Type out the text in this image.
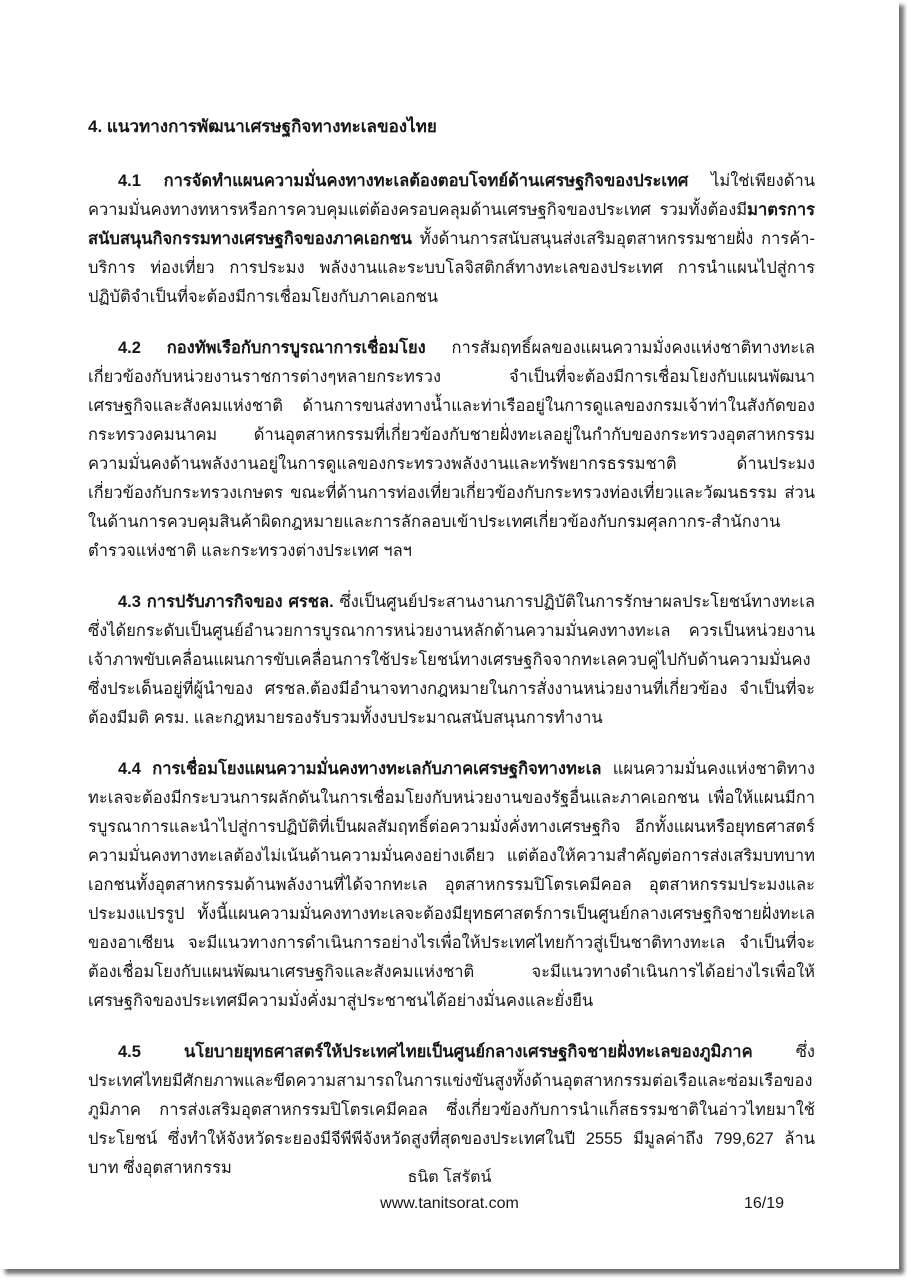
4. แนวทางการพัฒนาเศรษฐกิจทางทะเลของไทย

4.1 การจัดทำแผนความมั่นคงทางทะเลต้องตอบโจทย์ด้านเศรษฐกิจของประเทศ ไม่ใช่เพียงด้านความมั่นคงทางทหารหรือการควบคุมแต่ต้องครอบคลุมด้านเศรษฐกิจของประเทศ รวมทั้งต้องมีมาตรการสนับสนุนกิจกรรมทางเศรษฐกิจของภาคเอกชน ทั้งด้านการสนับสนุนส่งเสริมอุตสาหกรรมชายฝั่ง การค้า-บริการ ท่องเที่ยว การประมง พลังงานและระบบโลจิสติกส์ทางทะเลของประเทศ การนำแผนไปสู่การปฏิบัติจำเป็นที่จะต้องมีการเชื่อมโยงกับภาคเอกชน

4.2 กองทัพเรือกับการบูรณาการเชื่อมโยง การสัมฤทธิ์ผลของแผนความมั่งคงแห่งชาติทางทะเลเกี่ยวข้องกับหน่วยงานราชการต่างๆหลายกระทรวง จำเป็นที่จะต้องมีการเชื่อมโยงกับแผนพัฒนาเศรษฐกิจและสังคมแห่งชาติ ด้านการขนส่งทางน้ำและท่าเรืออยู่ในการดูแลของกรมเจ้าท่าในสังกัดของกระทรวงคมนาคม ด้านอุตสาหกรรมที่เกี่ยวข้องกับชายฝั่งทะเลอยู่ในกำกับของกระทรวงอุตสาหกรรม ความมั่นคงด้านพลังงานอยู่ในการดูแลของกระทรวงพลังงานและทรัพยากรธรรมชาติ ด้านประมงเกี่ยวข้องกับกระทรวงเกษตร ขณะที่ด้านการท่องเที่ยวเกี่ยวข้องกับกระทรวงท่องเที่ยวและวัฒนธรรม ส่วนในด้านการควบคุมสินค้าผิดกฎหมายและการลักลอบเข้าประเทศเกี่ยวข้องกับกรมศุลกากร-สำนักงานตำรวจแห่งชาติ และกระทรวงต่างประเทศ ฯลฯ

4.3 การปรับภารกิจของ ศรชล. ซึ่งเป็นศูนย์ประสานงานการปฏิบัติในการรักษาผลประโยชน์ทางทะเล ซึ่งได้ยกระดับเป็นศูนย์อำนวยการบูรณาการหน่วยงานหลักด้านความมั่นคงทางทะเล ควรเป็นหน่วยงานเจ้าภาพขับเคลื่อนแผนการขับเคลื่อนการใช้ประโยชน์ทางเศรษฐกิจจากทะเลควบคู่ไปกับด้านความมั่นคง ซึ่งประเด็นอยู่ที่ผู้นำของ ศรชล.ต้องมีอำนาจทางกฎหมายในการสั่งงานหน่วยงานที่เกี่ยวข้อง จำเป็นที่จะต้องมีมติ ครม. และกฎหมายรองรับรวมทั้งงบประมาณสนับสนุนการทำงาน

4.4 การเชื่อมโยงแผนความมั่นคงทางทะเลกับภาคเศรษฐกิจทางทะเล แผนความมั่นคงแห่งชาติทางทะเลจะต้องมีกระบวนการผลักดันในการเชื่อมโยงกับหน่วยงานของรัฐอื่นและภาคเอกชน เพื่อให้แผนมีการบูรณาการและนำไปสู่การปฏิบัติที่เป็นผลสัมฤทธิ์ต่อความมั่งคั่งทางเศรษฐกิจ อีกทั้งแผนหรือยุทธศาสตร์ความมั่นคงทางทะเลต้องไม่เน้นด้านความมั่นคงอย่างเดียว แต่ต้องให้ความสำคัญต่อการส่งเสริมบทบาทเอกชนทั้งอุตสาหกรรมด้านพลังงานที่ได้จากทะเล อุตสาหกรรมปิโตรเคมีคอล อุตสาหกรรมประมงและประมงแปรรูป ทั้งนี้แผนความมั่นคงทางทะเลจะต้องมียุทธศาสตร์การเป็นศูนย์กลางเศรษฐกิจชายฝั่งทะเลของอาเซียน จะมีแนวทางการดำเนินการอย่างไรเพื่อให้ประเทศไทยก้าวสู่เป็นชาติทางทะเล จำเป็นที่จะต้องเชื่อมโยงกับแผนพัฒนาเศรษฐกิจและสังคมแห่งชาติ จะมีแนวทางดำเนินการได้อย่างไรเพื่อให้เศรษฐกิจของประเทศมีความมั่งคั่งมาสู่ประชาชนได้อย่างมั่นคงและยั่งยืน

4.5 นโยบายยุทธศาสตร์ให้ประเทศไทยเป็นศูนย์กลางเศรษฐกิจชายฝั่งทะเลของภูมิภาค ซึ่งประเทศไทยมีศักยภาพและขีดความสามารถในการแข่งขันสูงทั้งด้านอุตสาหกรรมต่อเรือและซ่อมเรือของภูมิภาค การส่งเสริมอุตสาหกรรมปิโตรเคมีคอล ซึ่งเกี่ยวข้องกับการนำแก็สธรรมชาติในอ่าวไทยมาใช้ประโยชน์ ซึ่งทำให้จังหวัดระยองมีจีพีพีจังหวัดสูงที่สุดของประเทศในปี 2555 มีมูลค่าถึง 799,627 ล้านบาท ซึ่งอุตสาหกรรม

ธนิต โสรัตน์
www.tanitsorat.com	16/19
